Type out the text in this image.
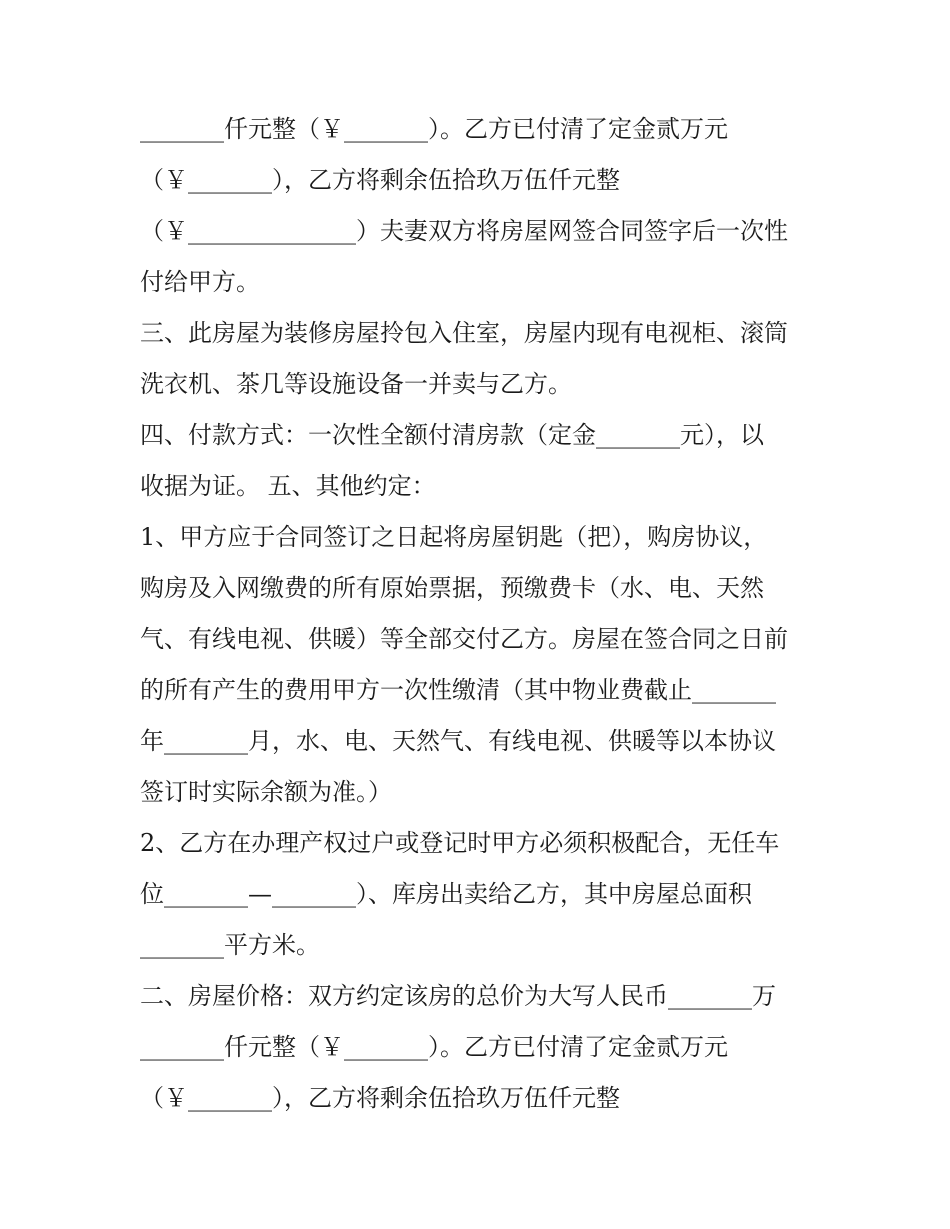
_______仟元整（￥_______）。乙方已付清了定金贰万元
（￥_______），乙方将剩余伍拾玖万伍仟元整
（￥______________）夫妻双方将房屋网签合同签字后一次性
付给甲方。
三、此房屋为装修房屋拎包入住室，房屋内现有电视柜、滚筒
洗衣机、茶几等设施设备一并卖与乙方。
四、付款方式：一次性全额付清房款（定金_______元），以
收据为证。 五、其他约定：
1、甲方应于合同签订之日起将房屋钥匙（把），购房协议，
购房及入网缴费的所有原始票据，预缴费卡（水、电、天然
气、有线电视、供暖）等全部交付乙方。房屋在签合同之日前
的所有产生的费用甲方一次性缴清（其中物业费截止_______
年_______月，水、电、天然气、有线电视、供暖等以本协议
签订时实际余额为准。）
2、乙方在办理产权过户或登记时甲方必须积极配合，无任车
位_______—_______）、库房出卖给乙方，其中房屋总面积
_______平方米。
二、房屋价格：双方约定该房的总价为大写人民币_______万
_______仟元整（￥_______）。乙方已付清了定金贰万元
（￥_______），乙方将剩余伍拾玖万伍仟元整
